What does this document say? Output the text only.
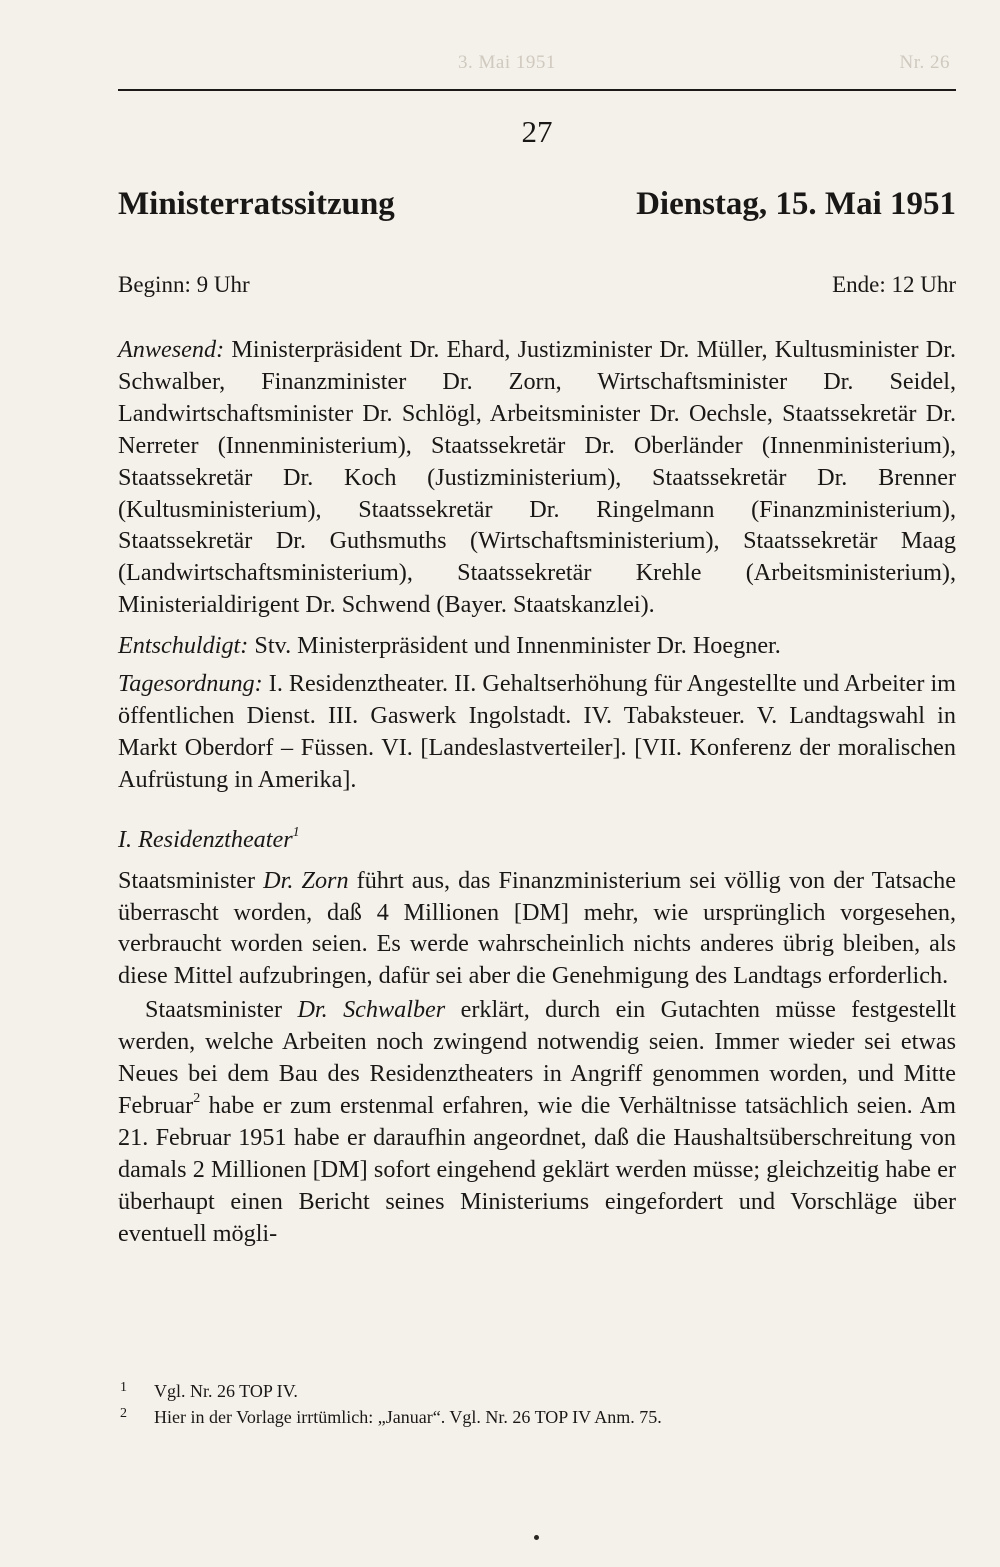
3. Mai 1951	Nr. 26
27
Ministerratssitzung	Dienstag, 15. Mai 1951
Beginn: 9 Uhr	Ende: 12 Uhr

Anwesend: Ministerpräsident Dr. Ehard, Justizminister Dr. Müller, Kultusminister Dr. Schwalber, Finanzminister Dr. Zorn, Wirtschaftsminister Dr. Seidel, Landwirtschaftsminister Dr. Schlögl, Arbeitsminister Dr. Oechsle, Staatssekretär Dr. Nerreter (Innenministerium), Staatssekretär Dr. Oberländer (Innenministerium), Staatssekretär Dr. Koch (Justizministerium), Staatssekretär Dr. Brenner (Kultusministerium), Staatssekretär Dr. Ringelmann (Finanzministerium), Staatssekretär Dr. Guthsmuths (Wirtschaftsministerium), Staatssekretär Maag (Landwirtschaftsministerium), Staatssekretär Krehle (Arbeitsministerium), Ministerialdirigent Dr. Schwend (Bayer. Staatskanzlei).

Entschuldigt: Stv. Ministerpräsident und Innenminister Dr. Hoegner.

Tagesordnung: I. Residenztheater. II. Gehaltserhöhung für Angestellte und Arbeiter im öffentlichen Dienst. III. Gaswerk Ingolstadt. IV. Tabaksteuer. V. Landtagswahl in Markt Oberdorf – Füssen. VI. [Landeslastverteiler]. [VII. Konferenz der moralischen Aufrüstung in Amerika].

I. Residenztheater$^1$

Staatsminister Dr. Zorn führt aus, das Finanzministerium sei völlig von der Tatsache überrascht worden, daß 4 Millionen [DM] mehr, wie ursprünglich vorgesehen, verbraucht worden seien. Es werde wahrscheinlich nichts anderes übrig bleiben, als diese Mittel aufzubringen, dafür sei aber die Genehmigung des Landtags erforderlich.

Staatsminister Dr. Schwalber erklärt, durch ein Gutachten müsse festgestellt werden, welche Arbeiten noch zwingend notwendig seien. Immer wieder sei etwas Neues bei dem Bau des Residenztheaters in Angriff genommen worden, und Mitte Februar$^2$ habe er zum erstenmal erfahren, wie die Verhältnisse tatsächlich seien. Am 21. Februar 1951 habe er daraufhin angeordnet, daß die Haushaltsüberschreitung von damals 2 Millionen [DM] sofort eingehend geklärt werden müsse; gleichzeitig habe er überhaupt einen Bericht seines Ministeriums eingefordert und Vorschläge über eventuell mögli-

1 Vgl. Nr. 26 TOP IV.
2 Hier in der Vorlage irrtümlich: „Januar“. Vgl. Nr. 26 TOP IV Anm. 75.
